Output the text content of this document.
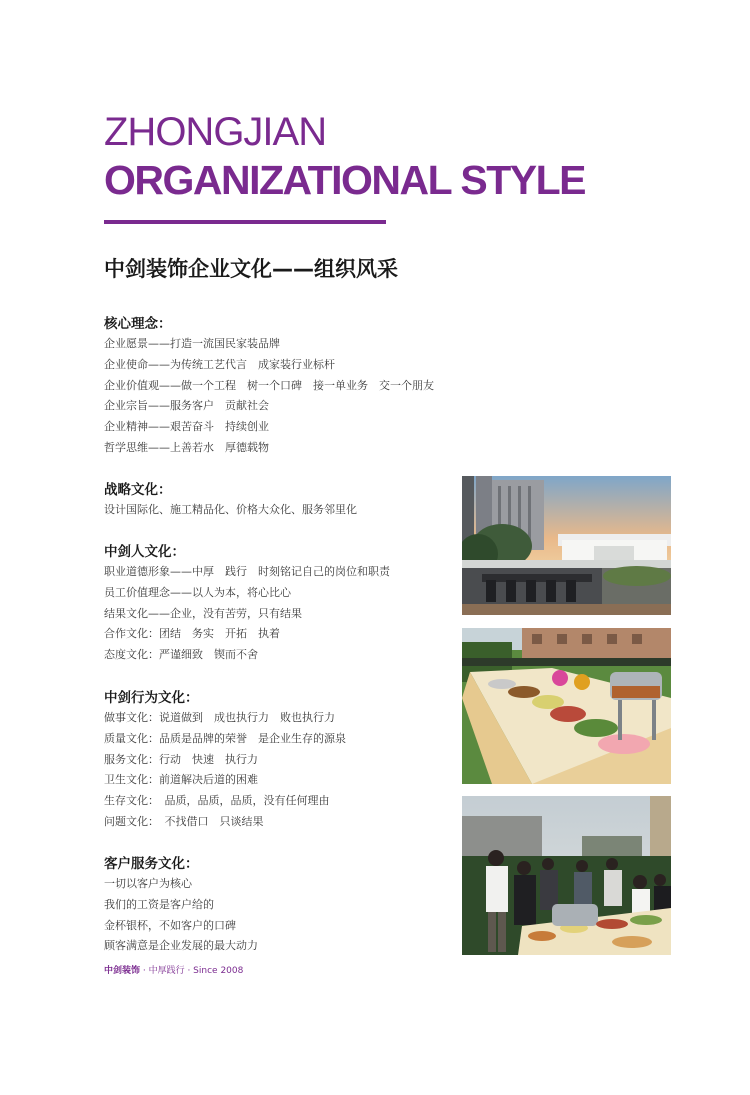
ZHONGJIAN
ORGANIZATIONAL STYLE
中剑装饰企业文化——组织风采
核心理念：
企业愿景——打造一流国民家装品牌
企业使命——为传统工艺代言　成家装行业标杆
企业价值观——做一个工程　树一个口碑　接一单业务　交一个朋友
企业宗旨——服务客户　贡献社会
企业精神——艰苦奋斗　持续创业
哲学思维——上善若水　厚德载物
战略文化：
设计国际化、施工精品化、价格大众化、服务邻里化
中剑人文化：
职业道德形象——中厚　践行　时刻铭记自己的岗位和职责
员工价值理念——以人为本，将心比心
结果文化——企业，没有苦劳，只有结果
合作文化：团结　务实　开拓　执着
态度文化：严谨细致　锲而不舍
中剑行为文化：
做事文化：说道做到　成也执行力　败也执行力
质量文化：品质是品牌的荣誉　是企业生存的源泉
服务文化：行动　快速　执行力
卫生文化：前道解决后道的困难
生存文化：　品质，品质，品质，没有任何理由
问题文化：　不找借口　只谈结果
客户服务文化：
一切以客户为核心
我们的工资是客户给的
金杯银杯，不如客户的口碑
顾客满意是企业发展的最大动力
中剑装饰 · 中厚践行 · Since 2008
